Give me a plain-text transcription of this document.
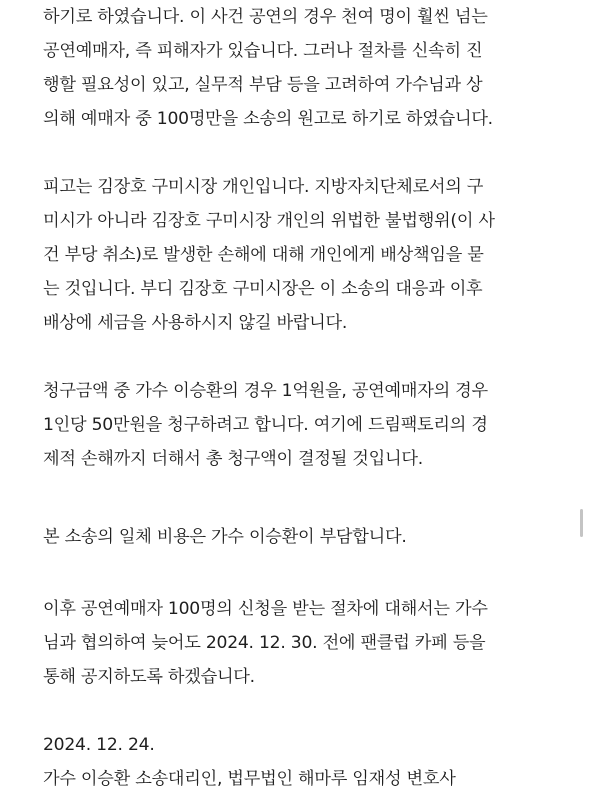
하기로 하였습니다. 이 사건 공연의 경우 천여 명이 훨씬 넘는
공연예매자, 즉 피해자가 있습니다. 그러나 절차를 신속히 진
행할 필요성이 있고, 실무적 부담 등을 고려하여 가수님과 상
의해 예매자 중 100명만을 소송의 원고로 하기로 하였습니다.
피고는 김장호 구미시장 개인입니다. 지방자치단체로서의 구
미시가 아니라 김장호 구미시장 개인의 위법한 불법행위(이 사
건 부당 취소)로 발생한 손해에 대해 개인에게 배상책임을 묻
는 것입니다. 부디 김장호 구미시장은 이 소송의 대응과 이후
배상에 세금을 사용하시지 않길 바랍니다.
청구금액 중 가수 이승환의 경우 1억원을, 공연예매자의 경우
1인당 50만원을 청구하려고 합니다. 여기에 드림팩토리의 경
제적 손해까지 더해서 총 청구액이 결정될 것입니다.
본 소송의 일체 비용은 가수 이승환이 부담합니다.
이후 공연예매자 100명의 신청을 받는 절차에 대해서는 가수
님과 협의하여 늦어도 2024. 12. 30. 전에 팬클럽 카페 등을
통해 공지하도록 하겠습니다.
2024. 12. 24.
가수 이승환 소송대리인, 법무법인 해마루 임재성 변호사
